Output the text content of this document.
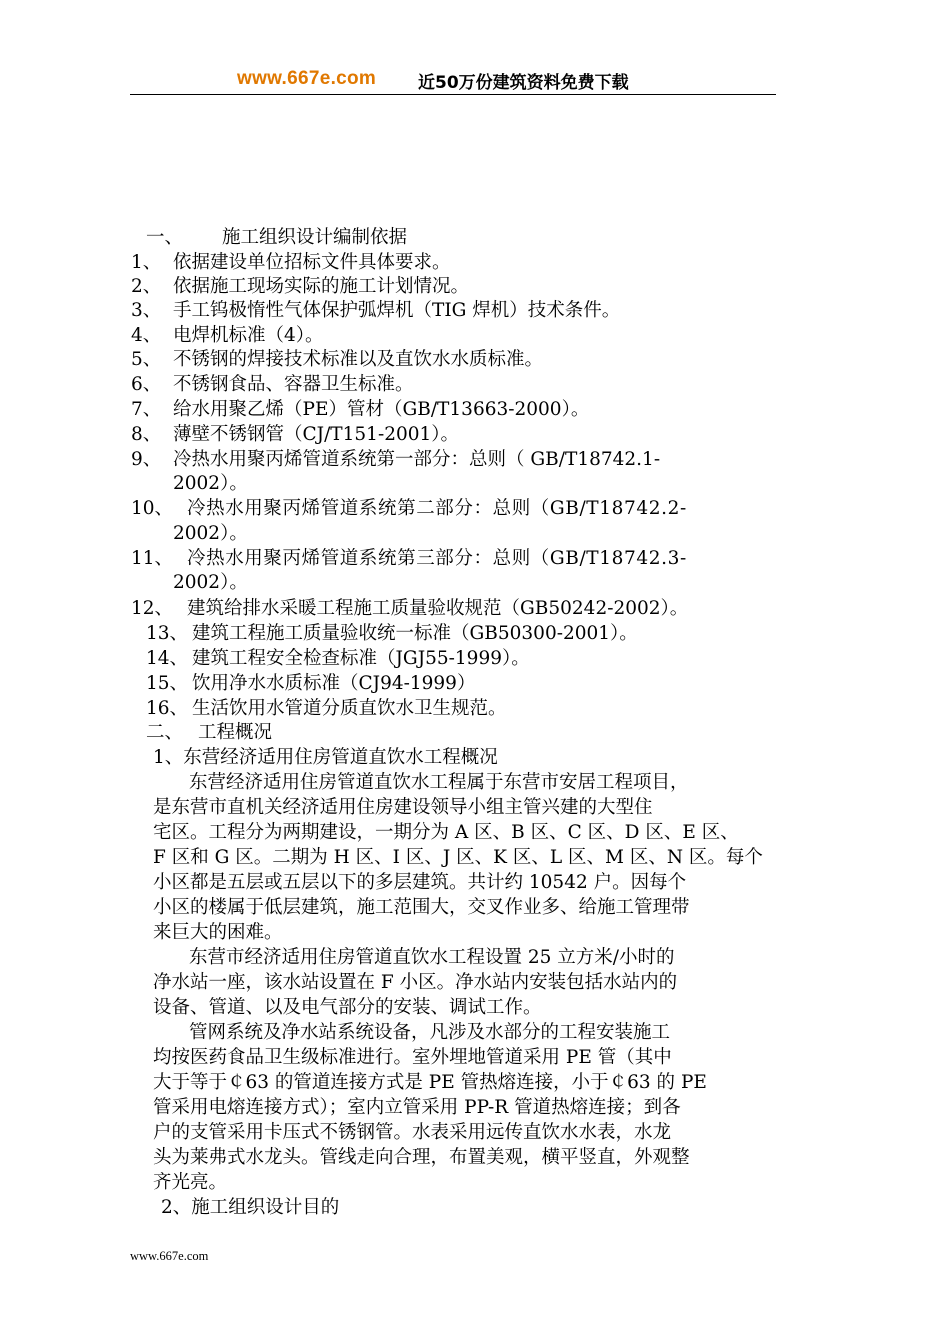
www.667e.com 近50万份建筑资料免费下载
一、 施工组织设计编制依据
1、 依据建设单位招标文件具体要求。
2、 依据施工现场实际的施工计划情况。
3、 手工钨极惰性气体保护弧焊机（TIG 焊机）技术条件。
4、 电焊机标准（4）。
5、 不锈钢的焊接技术标准以及直饮水水质标准。
6、 不锈钢食品、容器卫生标准。
7、 给水用聚乙烯（PE）管材（GB/T13663-2000）。
8、 薄壁不锈钢管（CJ/T151-2001）。
9、 冷热水用聚丙烯管道系统第一部分：总则（ GB/T18742.1-
2002）。
10、 冷热水用聚丙烯管道系统第二部分：总则（GB/T18742.2-
2002）。
11、 冷热水用聚丙烯管道系统第三部分：总则（GB/T18742.3-
2002）。
12、 建筑给排水采暖工程施工质量验收规范（GB50242-2002）。
13、 建筑工程施工质量验收统一标准（GB50300-2001）。
14、 建筑工程安全检查标准（JGJ55-1999）。
15、 饮用净水水质标准（CJ94-1999）
16、 生活饮用水管道分质直饮水卫生规范。
二、 工程概况
1、东营经济适用住房管道直饮水工程概况
东营经济适用住房管道直饮水工程属于东营市安居工程项目，
是东营市直机关经济适用住房建设领导小组主管兴建的大型住
宅区。工程分为两期建设，一期分为 A 区、B 区、C 区、D 区、E 区、
F 区和 G 区。二期为 H 区、I 区、J 区、K 区、L 区、M 区、N 区。每个
小区都是五层或五层以下的多层建筑。共计约 10542 户。因每个
小区的楼属于低层建筑，施工范围大，交叉作业多、给施工管理带
来巨大的困难。
东营市经济适用住房管道直饮水工程设置 25 立方米/小时的
净水站一座，该水站设置在 F 小区。净水站内安装包括水站内的
设备、管道、以及电气部分的安装、调试工作。
管网系统及净水站系统设备，凡涉及水部分的工程安装施工
均按医药食品卫生级标准进行。室外埋地管道采用 PE 管（其中
大于等于￠63 的管道连接方式是 PE 管热熔连接，小于￠63 的 PE
管采用电熔连接方式）；室内立管采用 PP-R 管道热熔连接；到各
户的支管采用卡压式不锈钢管。水表采用远传直饮水水表，水龙
头为莱弗式水龙头。管线走向合理，布置美观，横平竖直，外观整
齐光亮。
2、施工组织设计目的
www.667e.com
